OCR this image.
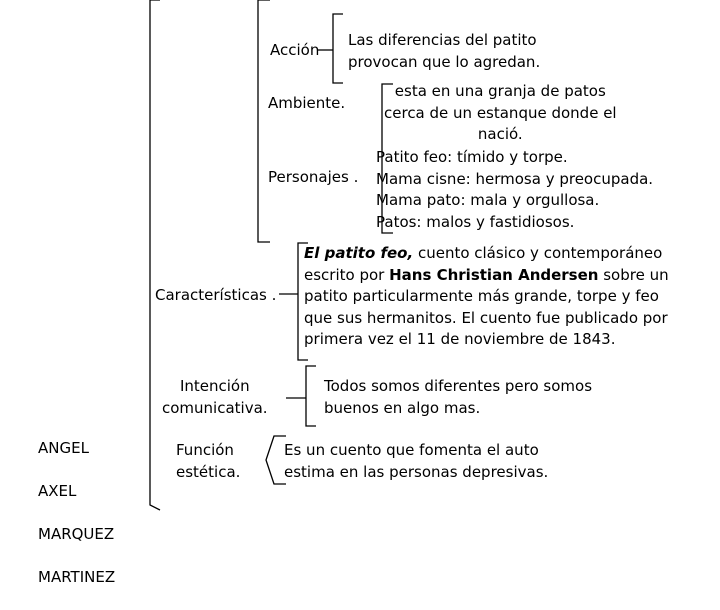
ANGEL

AXEL

MARQUEZ

MARTINEZ

Acción
Las diferencias del patito
provocan que lo agredan.
Ambiente.
esta en una granja de patos
cerca de un estanque donde el
nació.
Personajes .
Patito feo: tímido y torpe.
Mama cisne: hermosa y preocupada.
Mama pato: mala y orgullosa.
Patos: malos y fastidiosos.
Características .
El patito feo, cuento clásico y contemporáneo escrito por Hans Christian Andersen sobre un patito particularmente más grande, torpe y feo que sus hermanitos. El cuento fue publicado por primera vez el 11 de noviembre de 1843.
Intención
comunicativa.
Todos somos diferentes pero somos
buenos en algo mas.
Función
estética.
Es un cuento que fomenta el auto
estima en las personas depresivas.
